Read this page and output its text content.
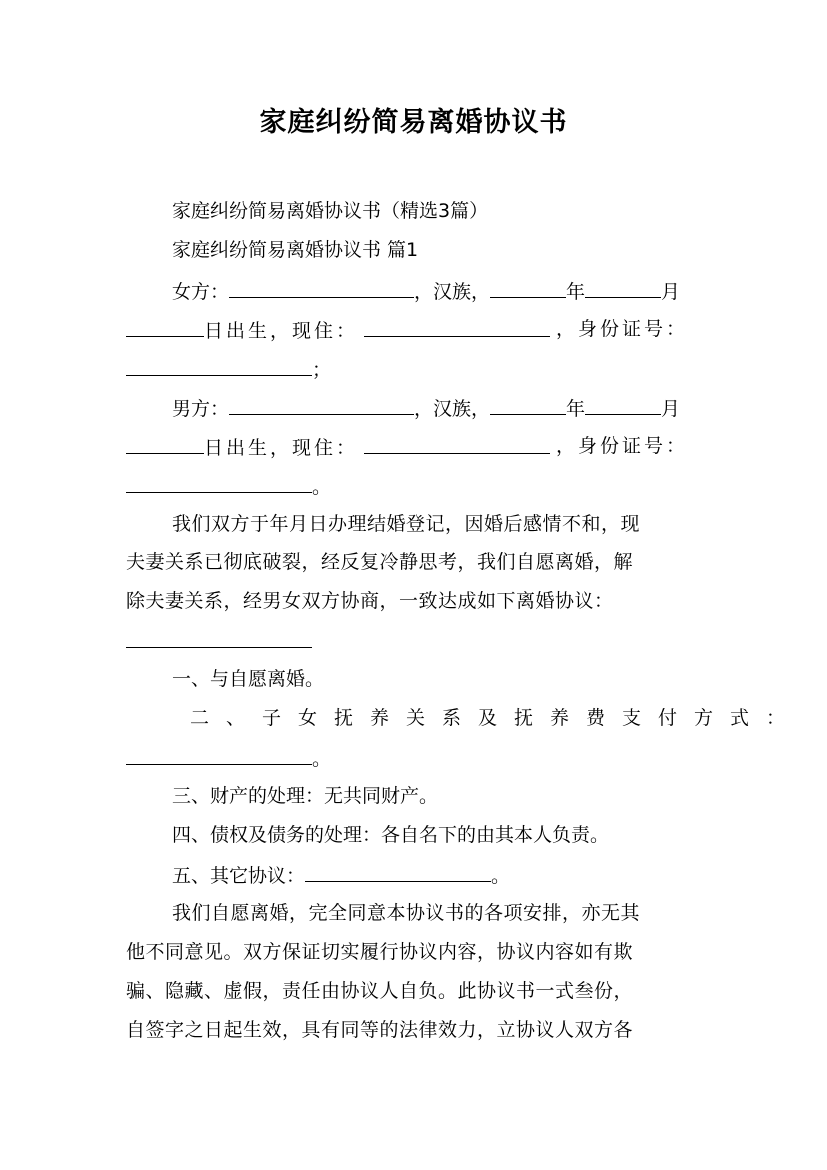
家庭纠纷简易离婚协议书
家庭纠纷简易离婚协议书（精选3篇）
家庭纠纷简易离婚协议书 篇1
女方：	，汉族，	年	月
日出生，现住：	，身份证号：
；
男方：	，汉族，	年	月
日出生，现住：	，身份证号：
。
我们双方于年月日办理结婚登记，因婚后感情不和，现
夫妻关系已彻底破裂，经反复冷静思考，我们自愿离婚，解
除夫妻关系，经男女双方协商，一致达成如下离婚协议：
一、与自愿离婚。
二、子女抚养关系及抚养费支付方式：
。
三、财产的处理：无共同财产。
四、债权及债务的处理：各自名下的由其本人负责。
五、其它协议：	。
我们自愿离婚，完全同意本协议书的各项安排，亦无其
他不同意见。双方保证切实履行协议内容，协议内容如有欺
骗、隐藏、虚假，责任由协议人自负。此协议书一式叁份，
自签字之日起生效，具有同等的法律效力，立协议人双方各
